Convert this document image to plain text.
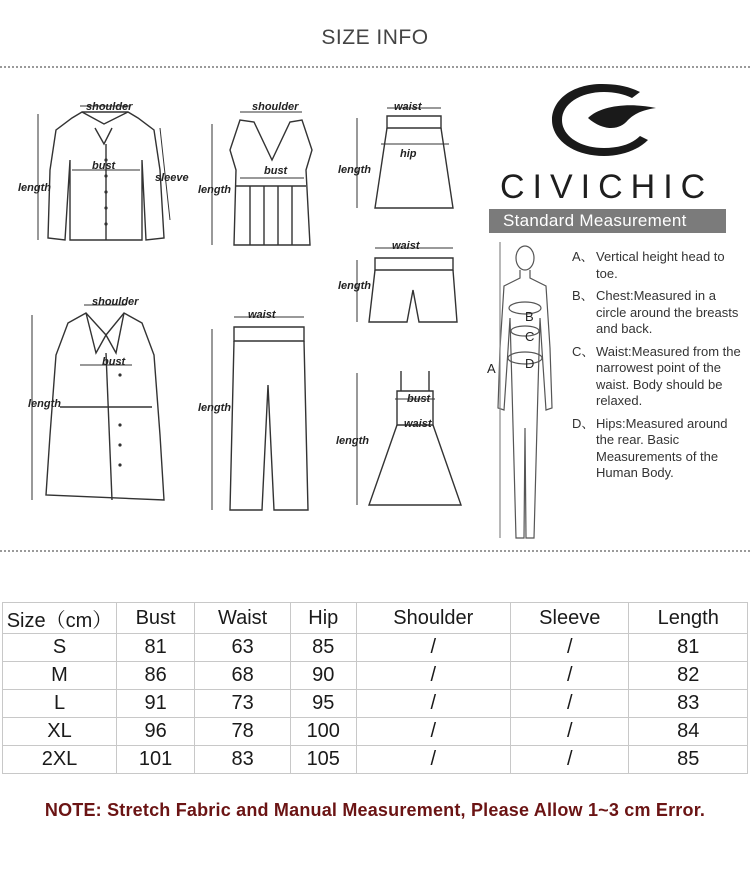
SIZE INFO
shoulder
bust
sleeve
length
shoulder
bust
length
waist
hip
length
waist
length
shoulder
bust
length
waist
length
bust
waist
length
CIVICHIC
Standard Measurement
A
B
C
D
A、 Vertical height head to toe.
B、 Chest:Measured in a circle around the breasts and back.
C、 Waist:Measured from the narrowest point of the waist. Body should be relaxed.
D、 Hips:Measured around the rear. Basic Measurements of the Human Body.
Size（cm）	Bust	Waist	Hip	Shoulder	Sleeve	Length
S	81	63	85	/	/	81
M	86	68	90	/	/	82
L	91	73	95	/	/	83
XL	96	78	100	/	/	84
2XL	101	83	105	/	/	85
NOTE: Stretch Fabric and Manual Measurement, Please Allow 1~3 cm Error.
